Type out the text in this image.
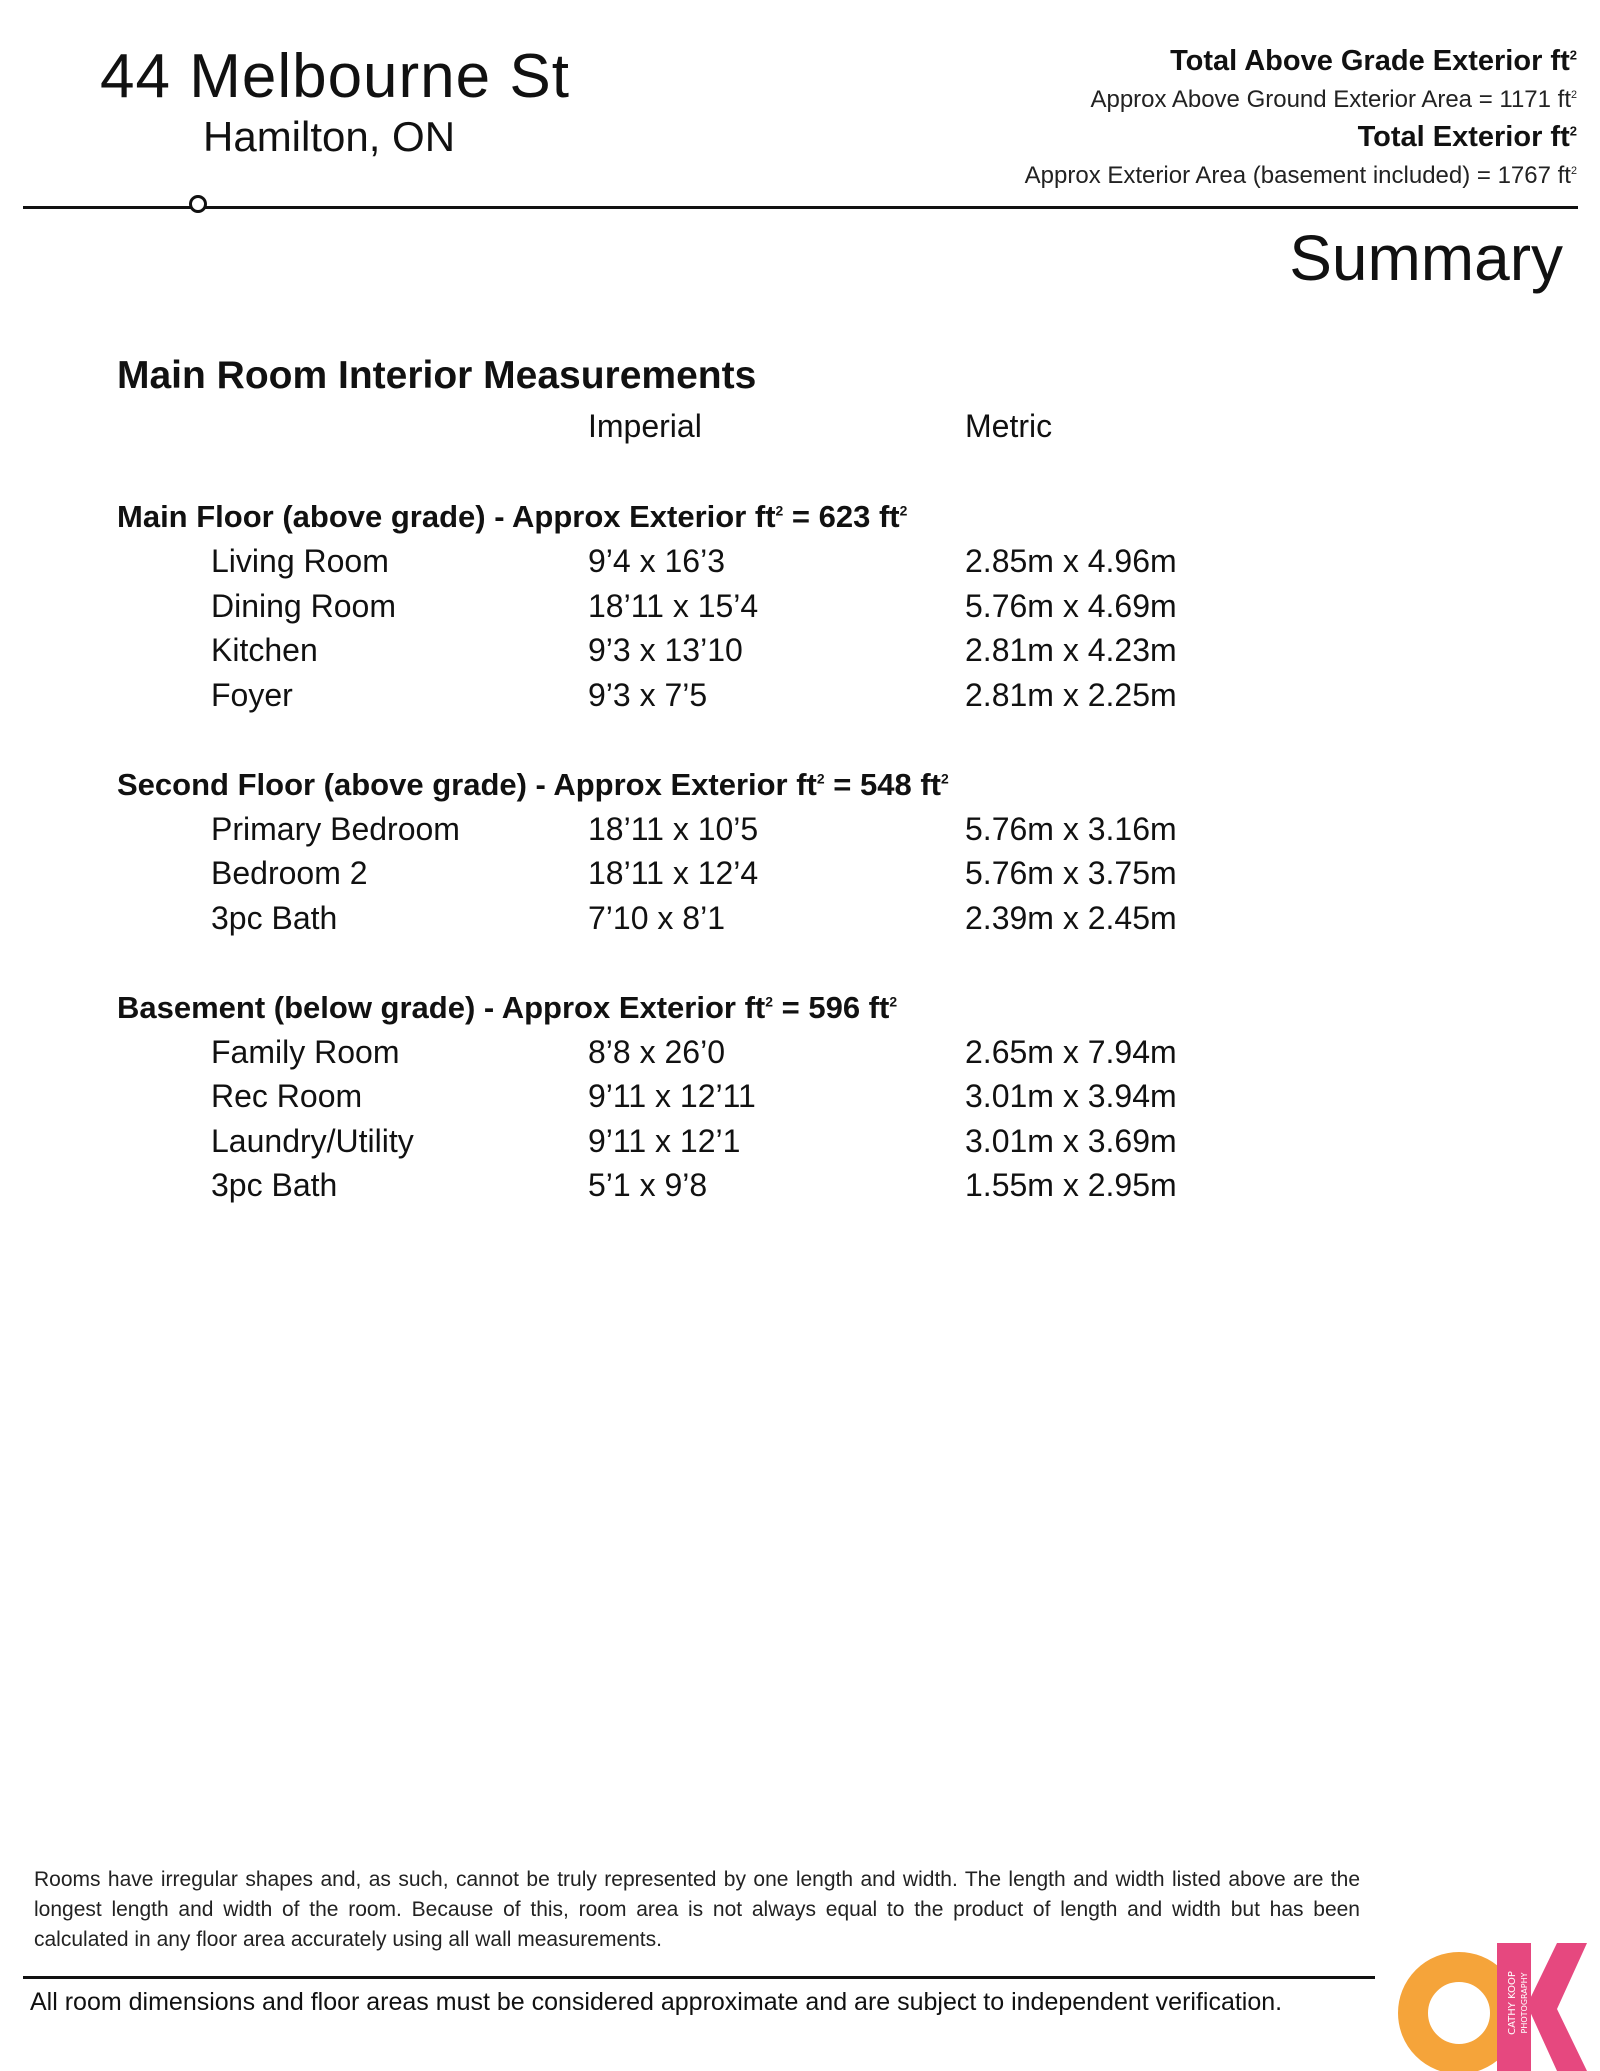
44 Melbourne St
Hamilton, ON
Total Above Grade Exterior $ft^2$
Approx Above Ground Exterior Area = 1171 $ft^2$
Total Exterior $ft^2$
Approx Exterior Area (basement included) = 1767 $ft^2$
Summary
Main Room Interior Measurements
Imperial	Metric
Main Floor (above grade) - Approx Exterior $ft^2 = 623$ $ft^2$
Living Room	9’4 x 16’3	2.85m x 4.96m
Dining Room	18’11 x 15’4	5.76m x 4.69m
Kitchen	9’3 x 13’10	2.81m x 4.23m
Foyer	9’3 x 7’5	2.81m x 2.25m
Second Floor (above grade) - Approx Exterior $ft^2 = 548$ $ft^2$
Primary Bedroom	18’11 x 10’5	5.76m x 3.16m
Bedroom 2	18’11 x 12’4	5.76m x 3.75m
3pc Bath	7’10 x 8’1	2.39m x 2.45m
Basement (below grade) - Approx Exterior $ft^2 = 596$ $ft^2$
Family Room	8’8 x 26’0	2.65m x 7.94m
Rec Room	9’11 x 12’11	3.01m x 3.94m
Laundry/Utility	9’11 x 12’1	3.01m x 3.69m
3pc Bath	5’1 x 9’8	1.55m x 2.95m
Rooms have irregular shapes and, as such, cannot be truly represented by one length and width. The length and width listed above are the longest length and width of the room. Because of this, room area is not always equal to the product of length and width but has been calculated in any floor area accurately using all wall measurements.
All room dimensions and floor areas must be considered approximate and are subject to independent verification.	CATHY KOOP PHOTOGRAPHY
